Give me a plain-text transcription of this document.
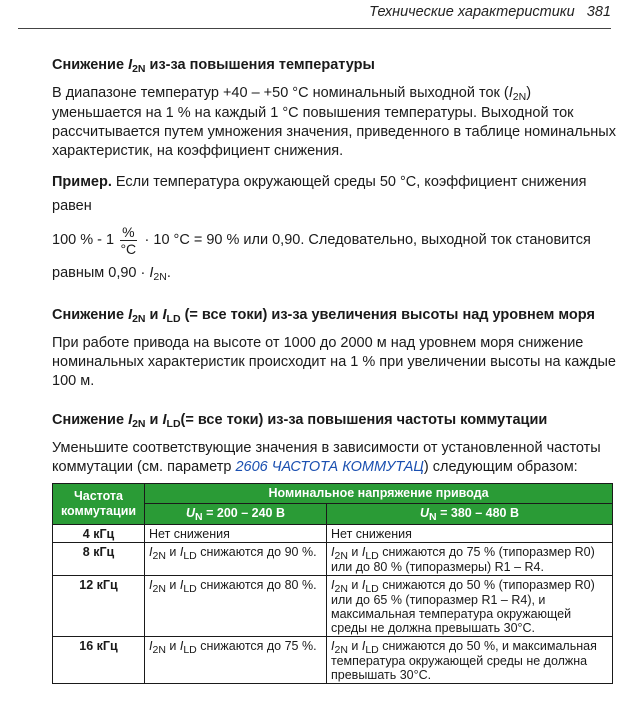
Технические характеристики 381
Снижение $I_{2N}$ из-за повышения температуры

В диапазоне температур +40 – +50 °C номинальный выходной ток $(I_{2N})$ уменьшается на 1 % на каждый 1 °C повышения температуры. Выходной ток рассчитывается путем умножения значения, приведенного в таблице номинальных характеристик, на коэффициент снижения.

Пример. Если температура окружающей среды 50 °C, коэффициент снижения равен

100 % - $1 \frac{\%}{^\circ C} \cdot 10$ °C = 90 % или 0,90. Следовательно, выходной ток становится

равным $0,90 \cdot I_{2N}$.

Снижение $I_{2N}$ и $I_{LD}$ (= все токи) из-за увеличения высоты над уровнем моря

При работе привода на высоте от 1000 до 2000 м над уровнем моря снижение номинальных характеристик происходит на 1 % при увеличении высоты на каждые 100 м.

Снижение $I_{2N}$ и $I_{LD}(=$ все токи) из-за повышения частоты коммутации

Уменьшите соответствующие значения в зависимости от установленной частоты коммутации (см. параметр 2606 ЧАСТОТА КОММУТАЦ) следующим образом:

Частота коммутации	Номинальное напряжение привода	
	$U_N = 200 - 240$ В	$U_N = 380 - 480$ В
4 кГц	Нет снижения	Нет снижения
8 кГц	$I_{2N}$ и $I_{LD}$ снижаются до 90 %.	$I_{2N}$ и $I_{LD}$ снижаются до 75 % (типоразмер R0) или до 80 % (типоразмеры) R1 – R4.
12 кГц	$I_{2N}$ и $I_{LD}$ снижаются до 80 %.	$I_{2N}$ и $I_{LD}$ снижаются до 50 % (типоразмер R0) или до 65 % (типоразмер R1 – R4), и максимальная температура окружающей среды не должна превышать 30°C.
16 кГц	$I_{2N}$ и $I_{LD}$ снижаются до 75 %.	$I_{2N}$ и $I_{LD}$ снижаются до 50 %, и максимальная температура окружающей среды не должна превышать 30°C.
